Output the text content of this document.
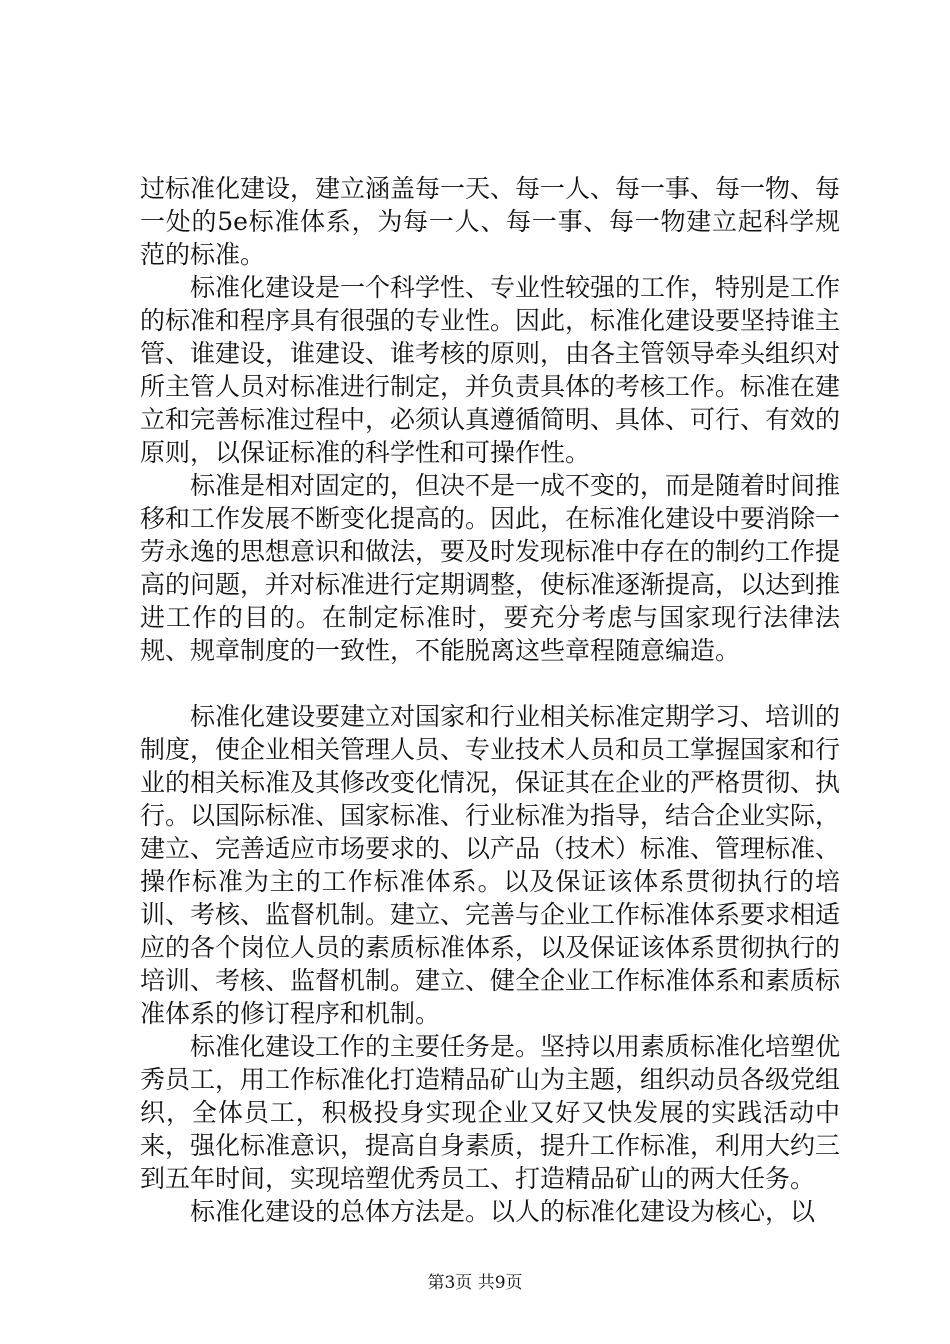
过标准化建设，建立涵盖每一天、每一人、每一事、每一物、每一处的5e标准体系，为每一人、每一事、每一物建立起科学规范的标准。

标准化建设是一个科学性、专业性较强的工作，特别是工作的标准和程序具有很强的专业性。因此，标准化建设要坚持谁主管、谁建设，谁建设、谁考核的原则，由各主管领导牵头组织对所主管人员对标准进行制定，并负责具体的考核工作。标准在建立和完善标准过程中，必须认真遵循简明、具体、可行、有效的原则，以保证标准的科学性和可操作性。

标准是相对固定的，但决不是一成不变的，而是随着时间推移和工作发展不断变化提高的。因此，在标准化建设中要消除一劳永逸的思想意识和做法，要及时发现标准中存在的制约工作提高的问题，并对标准进行定期调整，使标准逐渐提高，以达到推进工作的目的。在制定标准时，要充分考虑与国家现行法律法规、规章制度的一致性，不能脱离这些章程随意编造。

标准化建设要建立对国家和行业相关标准定期学习、培训的制度，使企业相关管理人员、专业技术人员和员工掌握国家和行业的相关标准及其修改变化情况，保证其在企业的严格贯彻、执行。以国际标准、国家标准、行业标准为指导，结合企业实际，建立、完善适应市场要求的、以产品（技术）标准、管理标准、操作标准为主的工作标准体系。以及保证该体系贯彻执行的培训、考核、监督机制。建立、完善与企业工作标准体系要求相适应的各个岗位人员的素质标准体系，以及保证该体系贯彻执行的培训、考核、监督机制。建立、健全企业工作标准体系和素质标准体系的修订程序和机制。

标准化建设工作的主要任务是。坚持以用素质标准化培塑优秀员工，用工作标准化打造精品矿山为主题，组织动员各级党组织，全体员工，积极投身实现企业又好又快发展的实践活动中来，强化标准意识，提高自身素质，提升工作标准，利用大约三到五年时间，实现培塑优秀员工、打造精品矿山的两大任务。

标准化建设的总体方法是。以人的标准化建设为核心，以

第3页 共9页
